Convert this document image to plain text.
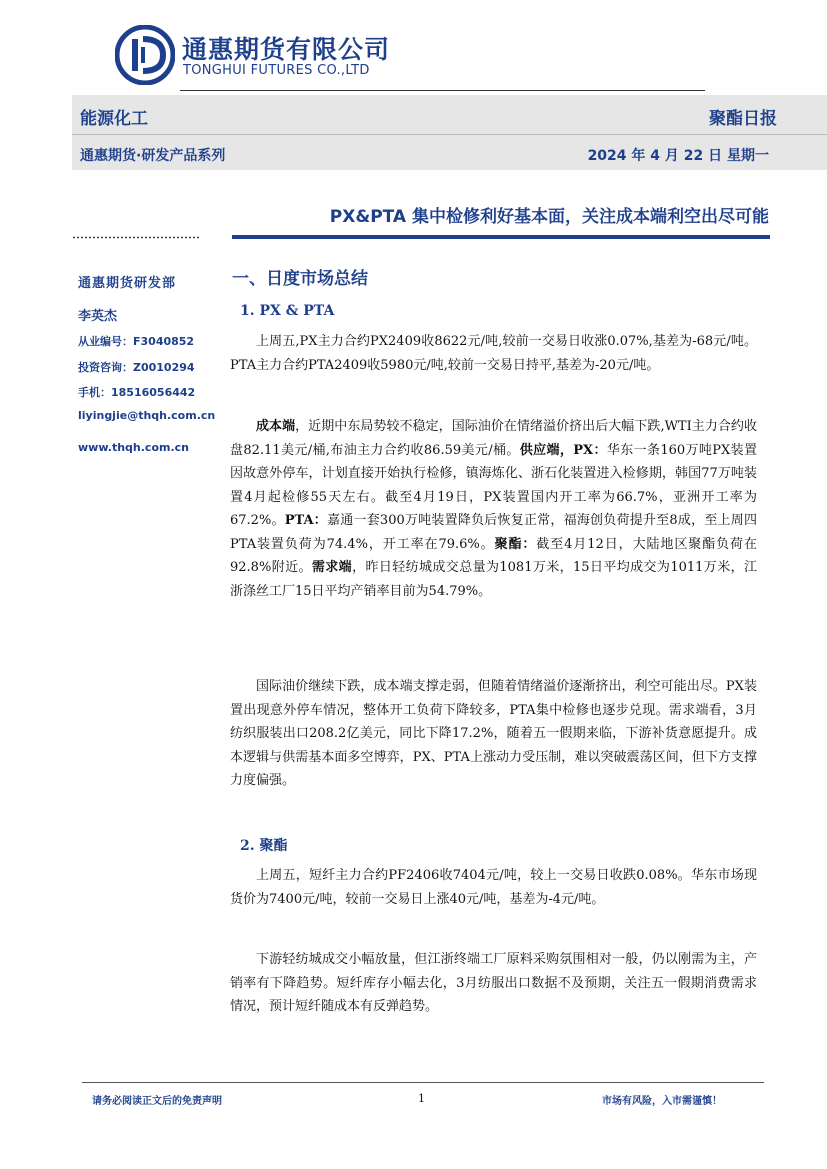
通惠期货有限公司
TONGHUI FUTURES CO.,LTD
能源化工	聚酯日报
通惠期货·研发产品系列	2024 年 4 月 22 日 星期一
PX&PTA 集中检修利好基本面，关注成本端利空出尽可能
通惠期货研发部
李英杰
从业编号：F3040852
投资咨询：Z0010294
手机：18516056442
liyingjie@thqh.com.cn
www.thqh.com.cn
一、日度市场总结
1. PX & PTA
上周五,PX主力合约PX2409收8622元/吨,较前一交易日收涨0.07%,基差为-68元/吨。PTA主力合约PTA2409收5980元/吨,较前一交易日持平,基差为-20元/吨。
成本端，近期中东局势较不稳定，国际油价在情绪溢价挤出后大幅下跌,WTI主力合约收盘82.11美元/桶,布油主力合约收86.59美元/桶。供应端，PX：华东一条160万吨PX装置因故意外停车，计划直接开始执行检修，镇海炼化、浙石化装置进入检修期，韩国77万吨装置4月起检修55天左右。截至4月19日，PX装置国内开工率为66.7%，亚洲开工率为67.2%。PTA：嘉通一套300万吨装置降负后恢复正常，福海创负荷提升至8成，至上周四PTA装置负荷为74.4%，开工率在79.6%。聚酯：截至4月12日，大陆地区聚酯负荷在92.8%附近。需求端，昨日轻纺城成交总量为1081万米，15日平均成交为1011万米，江浙涤丝工厂15日平均产销率目前为54.79%。
国际油价继续下跌，成本端支撑走弱，但随着情绪溢价逐渐挤出，利空可能出尽。PX装置出现意外停车情况，整体开工负荷下降较多，PTA集中检修也逐步兑现。需求端看，3月纺织服装出口208.2亿美元，同比下降17.2%，随着五一假期来临，下游补货意愿提升。成本逻辑与供需基本面多空博弈，PX、PTA上涨动力受压制，难以突破震荡区间，但下方支撑力度偏强。
2. 聚酯
上周五，短纤主力合约PF2406收7404元/吨，较上一交易日收跌0.08%。华东市场现货价为7400元/吨，较前一交易日上涨40元/吨，基差为-4元/吨。
下游轻纺城成交小幅放量，但江浙终端工厂原料采购氛围相对一般，仍以刚需为主，产销率有下降趋势。短纤库存小幅去化，3月纺服出口数据不及预期，关注五一假期消费需求情况，预计短纤随成本有反弹趋势。
请务必阅读正文后的免责声明	1	市场有风险，入市需谨慎！
